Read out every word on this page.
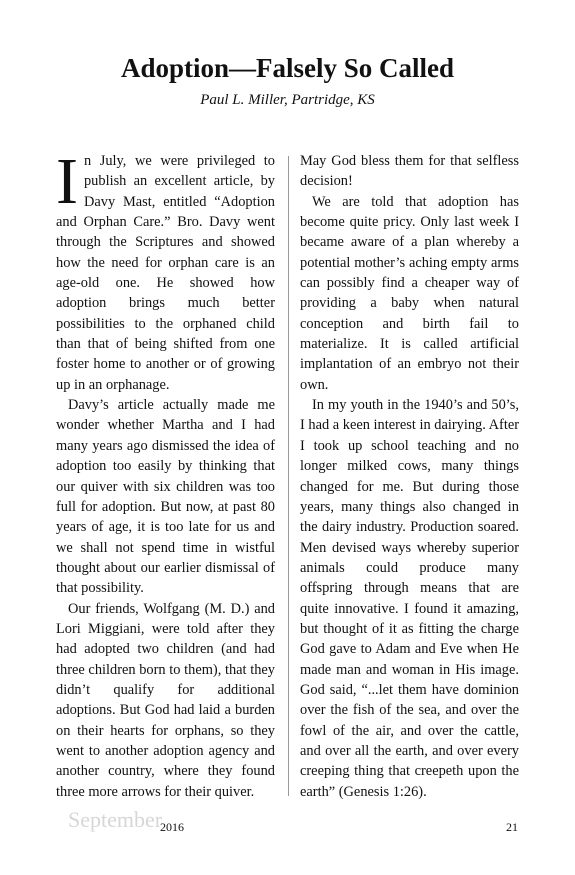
Adoption—Falsely So Called
Paul L. Miller, Partridge, KS

In July, we were privileged to publish an excellent article, by Davy Mast, entitled “Adoption and Orphan Care.” Bro. Davy went through the Scriptures and showed how the need for orphan care is an age-old one. He showed how adoption brings much better possibilities to the orphaned child than that of being shifted from one foster home to another or of growing up in an orphanage.

Davy’s article actually made me wonder whether Martha and I had many years ago dismissed the idea of adoption too easily by thinking that our quiver with six children was too full for adoption. But now, at past 80 years of age, it is too late for us and we shall not spend time in wistful thought about our earlier dismissal of that possibility.

Our friends, Wolfgang (M. D.) and Lori Miggiani, were told after they had adopted two children (and had three children born to them), that they didn’t qualify for additional adoptions. But God had laid a burden on their hearts for orphans, so they went to another adoption agency and another country, where they found three more arrows for their quiver.

May God bless them for that selfless decision!

We are told that adoption has become quite pricy. Only last week I became aware of a plan whereby a potential mother’s aching empty arms can possibly find a cheaper way of providing a baby when natural conception and birth fail to materialize. It is called artificial implantation of an embryo not their own.

In my youth in the 1940’s and 50’s, I had a keen interest in dairying. After I took up school teaching and no longer milked cows, many things changed for me. But during those years, many things also changed in the dairy industry. Production soared. Men devised ways whereby superior animals could produce many offspring through means that are quite innovative. I found it amazing, but thought of it as fitting the charge God gave to Adam and Eve when He made man and woman in His image. God said, “...let them have dominion over the fish of the sea, and over the fowl of the air, and over the cattle, and over all the earth, and over every creeping thing that creepeth upon the earth” (Genesis 1:26).

September
2016	21
